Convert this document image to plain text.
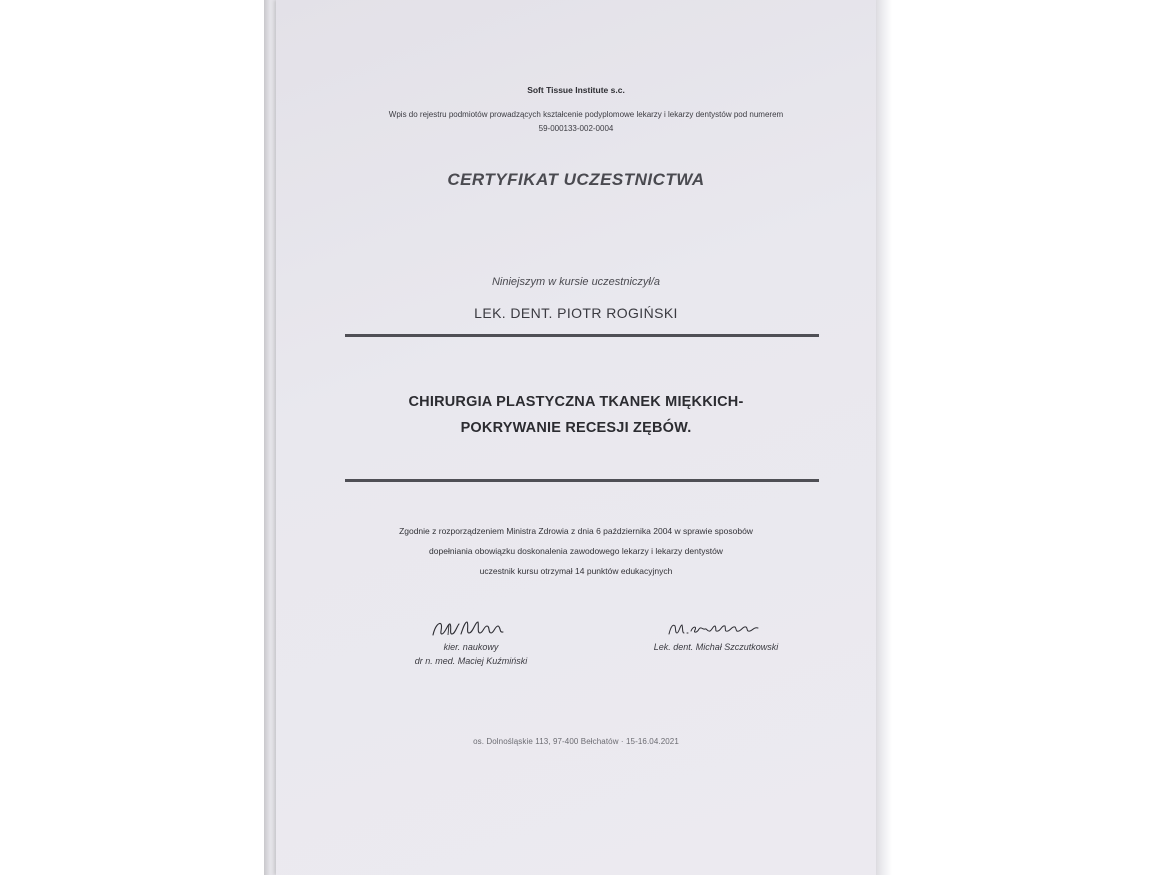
Soft Tissue Institute s.c.
Wpis do rejestru podmiotów prowadzących kształcenie podyplomowe lekarzy i lekarzy dentystów pod numerem
59-000133-002-0004
CERTYFIKAT UCZESTNICTWA
Niniejszym w kursie uczestniczył/a
LEK. DENT. PIOTR ROGIŃSKI
CHIRURGIA PLASTYCZNA TKANEK MIĘKKICH-
POKRYWANIE RECESJI ZĘBÓW.
Zgodnie z rozporządzeniem Ministra Zdrowia z dnia 6 października 2004 w sprawie sposobów
dopełniania obowiązku doskonalenia zawodowego lekarzy i lekarzy dentystów
uczestnik kursu otrzymał 14 punktów edukacyjnych
kier. naukowy
dr n. med. Maciej Kuźmiński
Lek. dent. Michał Szczutkowski
os. Dolnośląskie 113, 97-400 Bełchatów · 15-16.04.2021
